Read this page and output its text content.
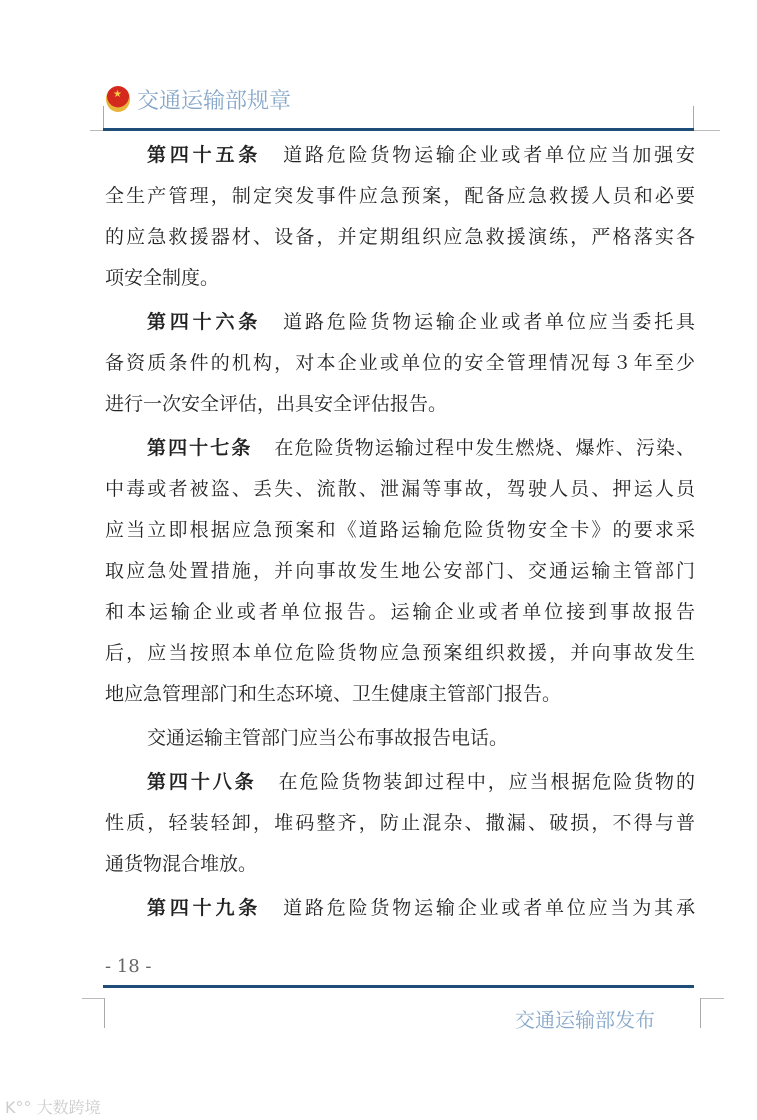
★
交通运输部规章
第四十五条 道路危险货物运输企业或者单位应当加强安
全生产管理，制定突发事件应急预案，配备应急救援人员和必要
的应急救援器材、设备，并定期组织应急救援演练，严格落实各
项安全制度。
第四十六条 道路危险货物运输企业或者单位应当委托具
备资质条件的机构，对本企业或单位的安全管理情况每３年至少
进行一次安全评估，出具安全评估报告。
第四十七条 在危险货物运输过程中发生燃烧、爆炸、污染、
中毒或者被盗、丢失、流散、泄漏等事故，驾驶人员、押运人员
应当立即根据应急预案和《道路运输危险货物安全卡》的要求采
取应急处置措施，并向事故发生地公安部门、交通运输主管部门
和本运输企业或者单位报告。运输企业或者单位接到事故报告
后，应当按照本单位危险货物应急预案组织救援，并向事故发生
地应急管理部门和生态环境、卫生健康主管部门报告。
交通运输主管部门应当公布事故报告电话。
第四十八条 在危险货物装卸过程中，应当根据危险货物的
性质，轻装轻卸，堆码整齐，防止混杂、撒漏、破损，不得与普
通货物混合堆放。
第四十九条 道路危险货物运输企业或者单位应当为其承
- 18 -
交通运输部发布
K°° 大数跨境
